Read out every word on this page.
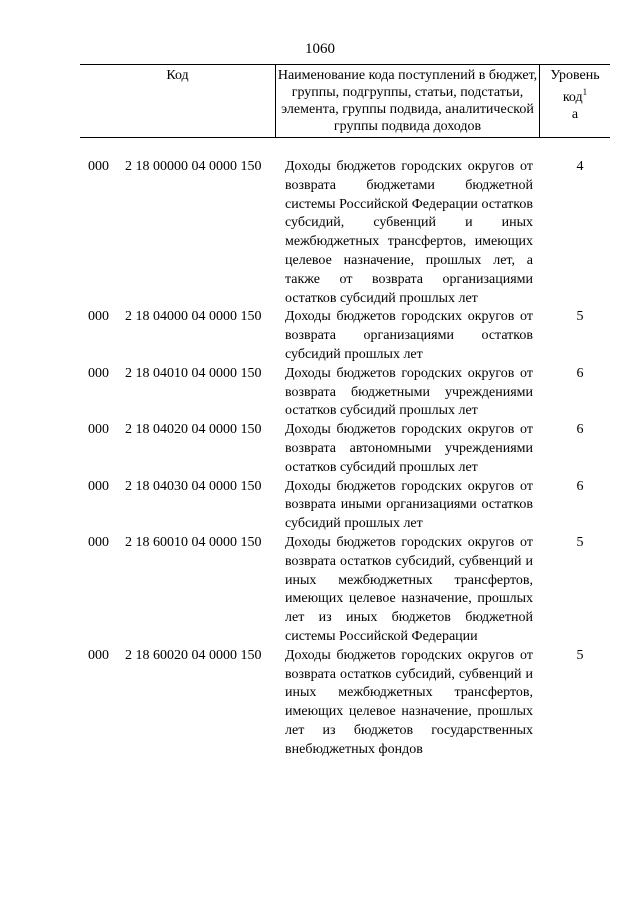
1060
Код	Наименование кода поступлений в бюджет, группы, подгруппы, статьи, подстатьи, элемента, группы подвида, аналитической группы подвида доходов
Уровень код$^1$
а
000 2 18 00000 04 0000 150 Доходы бюджетов городских округов от возврата бюджетами бюджетной системы Российской Федерации остатков субсидий, субвенций и иных межбюджетных трансфертов, имеющих целевое назначение, прошлых лет, а также от возврата организациями остатков субсидий прошлых лет
4
000 2 18 04000 04 0000 150 Доходы бюджетов городских округов от возврата организациями остатков субсидий прошлых лет
5
000 2 18 04010 04 0000 150 Доходы бюджетов городских округов от возврата бюджетными учреждениями остатков субсидий прошлых лет
6
000 2 18 04020 04 0000 150 Доходы бюджетов городских округов от возврата автономными учреждениями остатков субсидий прошлых лет
6
000 2 18 04030 04 0000 150 Доходы бюджетов городских округов от возврата иными организациями остатков субсидий прошлых лет
6
000 2 18 60010 04 0000 150 Доходы бюджетов городских округов от возврата остатков субсидий, субвенций и иных межбюджетных трансфертов, имеющих целевое назначение, прошлых лет из иных бюджетов бюджетной системы Российской Федерации
5
000 2 18 60020 04 0000 150 Доходы бюджетов городских округов от возврата остатков субсидий, субвенций и иных межбюджетных трансфертов, имеющих целевое назначение, прошлых лет из бюджетов государственных внебюджетных фондов
5
